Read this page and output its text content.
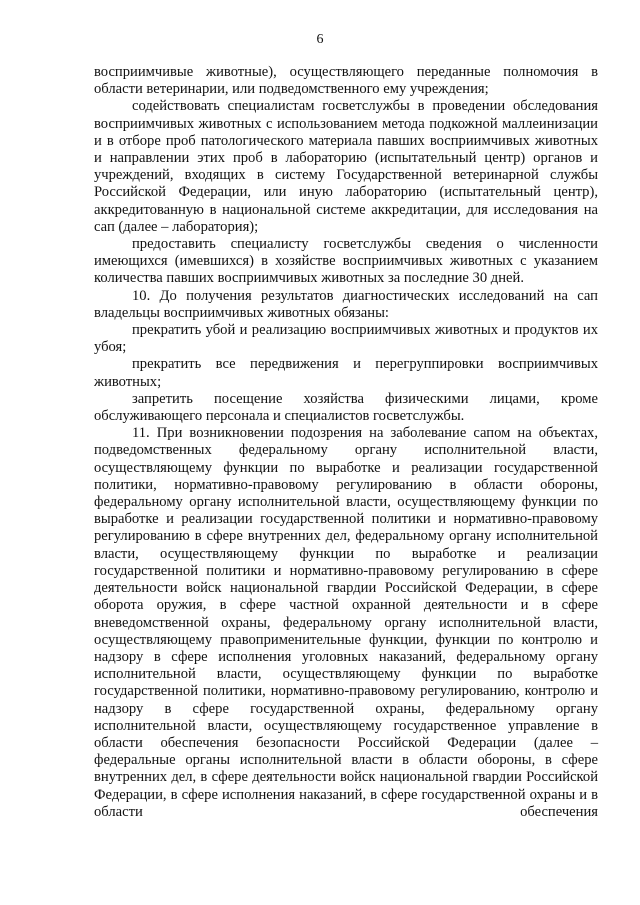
6

восприимчивые животные), осуществляющего переданные полномочия в области ветеринарии, или подведомственного ему учреждения;

содействовать специалистам госветслужбы в проведении обследования восприимчивых животных с использованием метода подкожной маллеинизации и в отборе проб патологического материала павших восприимчивых животных и направлении этих проб в лабораторию (испытательный центр) органов и учреждений, входящих в систему Государственной ветеринарной службы Российской Федерации, или иную лабораторию (испытательный центр), аккредитованную в национальной системе аккредитации, для исследования на сап (далее – лаборатория);

предоставить специалисту госветслужбы сведения о численности имеющихся (имевшихся) в хозяйстве восприимчивых животных с указанием количества павших восприимчивых животных за последние 30 дней.

10. До получения результатов диагностических исследований на сап владельцы восприимчивых животных обязаны:

прекратить убой и реализацию восприимчивых животных и продуктов их убоя;

прекратить все передвижения и перегруппировки восприимчивых животных;

запретить посещение хозяйства физическими лицами, кроме обслуживающего персонала и специалистов госветслужбы.

11. При возникновении подозрения на заболевание сапом на объектах, подведомственных федеральному органу исполнительной власти, осуществляющему функции по выработке и реализации государственной политики, нормативно-правовому регулированию в области обороны, федеральному органу исполнительной власти, осуществляющему функции по выработке и реализации государственной политики и нормативно-правовому регулированию в сфере внутренних дел, федеральному органу исполнительной власти, осуществляющему функции по выработке и реализации государственной политики и нормативно-правовому регулированию в сфере деятельности войск национальной гвардии Российской Федерации, в сфере оборота оружия, в сфере частной охранной деятельности и в сфере вневедомственной охраны, федеральному органу исполнительной власти, осуществляющему правоприменительные функции, функции по контролю и надзору в сфере исполнения уголовных наказаний, федеральному органу исполнительной власти, осуществляющему функции по выработке государственной политики, нормативно-правовому регулированию, контролю и надзору в сфере государственной охраны, федеральному органу исполнительной власти, осуществляющему государственное управление в области обеспечения безопасности Российской Федерации (далее – федеральные органы исполнительной власти в области обороны, в сфере внутренних дел, в сфере деятельности войск национальной гвардии Российской Федерации, в сфере исполнения наказаний, в сфере государственной охраны и в области обеспечения
